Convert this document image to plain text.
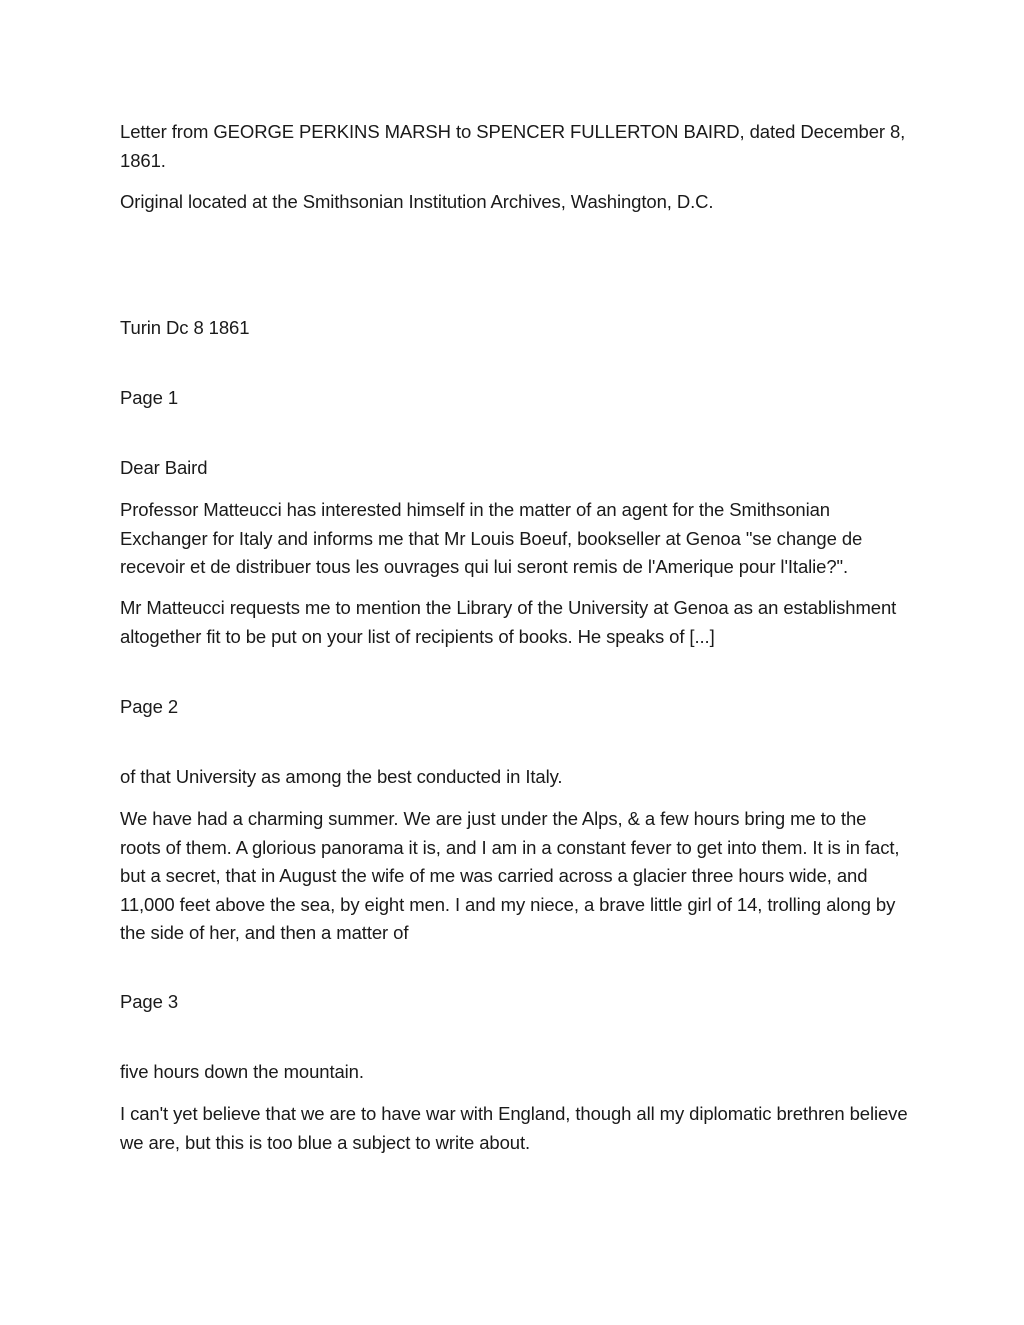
Letter from GEORGE PERKINS MARSH to SPENCER FULLERTON BAIRD, dated December 8, 1861.

Original located at the Smithsonian Institution Archives, Washington, D.C.

Turin Dc 8 1861

Page 1

Dear Baird

Professor Matteucci has interested himself in the matter of an agent for the Smithsonian Exchanger for Italy and informs me that Mr Louis Boeuf, bookseller at Genoa "se change de recevoir et de distribuer tous les ouvrages qui lui seront remis de l'Amerique pour l'Italie?".

Mr Matteucci requests me to mention the Library of the University at Genoa as an establishment altogether fit to be put on your list of recipients of books. He speaks of [...]

Page 2

of that University as among the best conducted in Italy.

We have had a charming summer. We are just under the Alps, & a few hours bring me to the roots of them. A glorious panorama it is, and I am in a constant fever to get into them. It is in fact, but a secret, that in August the wife of me was carried across a glacier three hours wide, and 11,000 feet above the sea, by eight men. I and my niece, a brave little girl of 14, trolling along by the side of her, and then a matter of

Page 3

five hours down the mountain.

I can't yet believe that we are to have war with England, though all my diplomatic brethren believe we are, but this is too blue a subject to write about.
